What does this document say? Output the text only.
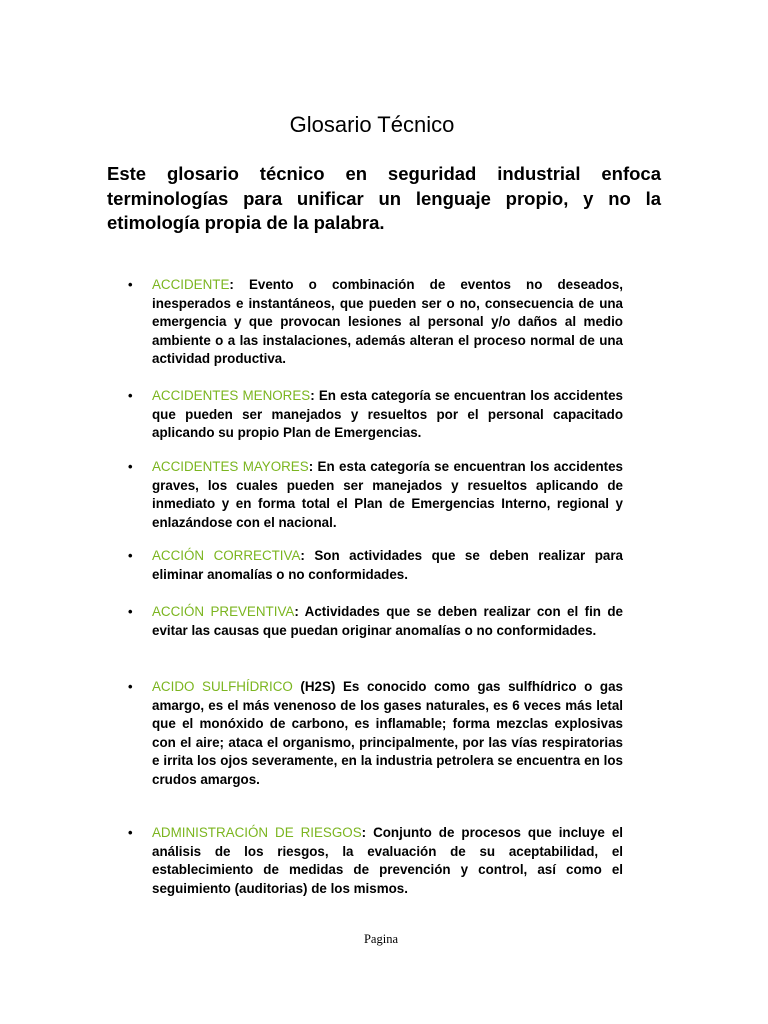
Glosario Técnico

Este glosario técnico en seguridad industrial enfoca terminologías para unificar un lenguaje propio, y no la etimología propia de la palabra.

• ACCIDENTE: Evento o combinación de eventos no deseados, inesperados e instantáneos, que pueden ser o no, consecuencia de una emergencia y que provocan lesiones al personal y/o daños al medio ambiente o a las instalaciones, además alteran el proceso normal de una actividad productiva.
• ACCIDENTES MENORES: En esta categoría se encuentran los accidentes que pueden ser manejados y resueltos por el personal capacitado aplicando su propio Plan de Emergencias.
• ACCIDENTES MAYORES: En esta categoría se encuentran los accidentes graves, los cuales pueden ser manejados y resueltos aplicando de inmediato y en forma total el Plan de Emergencias Interno, regional y enlazándose con el nacional.
• ACCIÓN CORRECTIVA: Son actividades que se deben realizar para eliminar anomalías o no conformidades.
• ACCIÓN PREVENTIVA: Actividades que se deben realizar con el fin de evitar las causas que puedan originar anomalías o no conformidades.
• ACIDO SULFHÍDRICO (H2S) Es conocido como gas sulfhídrico o gas amargo, es el más venenoso de los gases naturales, es 6 veces más letal que el monóxido de carbono, es inflamable; forma mezclas explosivas con el aire; ataca el organismo, principalmente, por las vías respiratorias e irrita los ojos severamente, en la industria petrolera se encuentra en los crudos amargos.
• ADMINISTRACIÓN DE RIESGOS: Conjunto de procesos que incluye el análisis de los riesgos, la evaluación de su aceptabilidad, el establecimiento de medidas de prevención y control, así como el seguimiento (auditorias) de los mismos.
Pagina
